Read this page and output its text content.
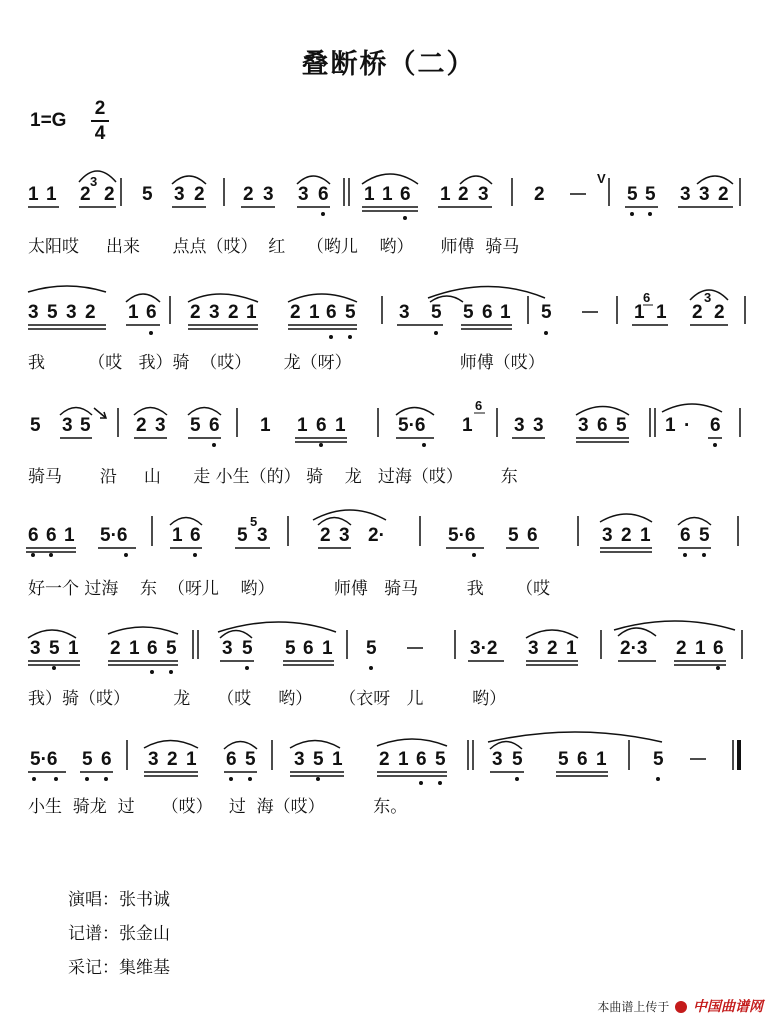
叠断桥（二）
1=G
2
4
1 1 2
3
2 5 3 2 2 3 3 6 1 1 6 1 2 3 2
V
5 5 3 3 2
3 5 3 2 1 6 2 3 2 1 2 1 6 5 3 5 5 6 1 5	1
6
1 2
3
2
5 3 5 2 3 5 6 1 1 6 1	5·6 1
6
3 3 3 6 5 1 · 6
6 6 1 5·6 1 6 5
5
3	2 3 2·	5·6 5 6	3 2 1 6 5
3 5 1 2 1 6 5 3 5 5 6 1 5	3·2 3 2 1 2·3 2 1 6
5·6 5 6 3 2 1 6 5 3 5 1 2 1 6 5 3 5 5 6 1 5
太阳哎     出来      点点（哎）  红    （哟儿    哟）     师傅  骑马
我        （哎   我）骑  （哎）      龙（呀）                    师傅（哎）
骑马       沿     山      走 小生（的） 骑    龙   过海（哎）       东
好一个 过海    东  （呀儿    哟）           师傅   骑马         我      （哎
我）骑（哎）        龙     （哎     哟）     （衣呀   儿         哟）
小生  骑龙  过     （哎）   过  海（哎）         东。
演唱：张书诚
记谱：张金山
采记：集维基
本曲谱上传于 中国曲谱网
